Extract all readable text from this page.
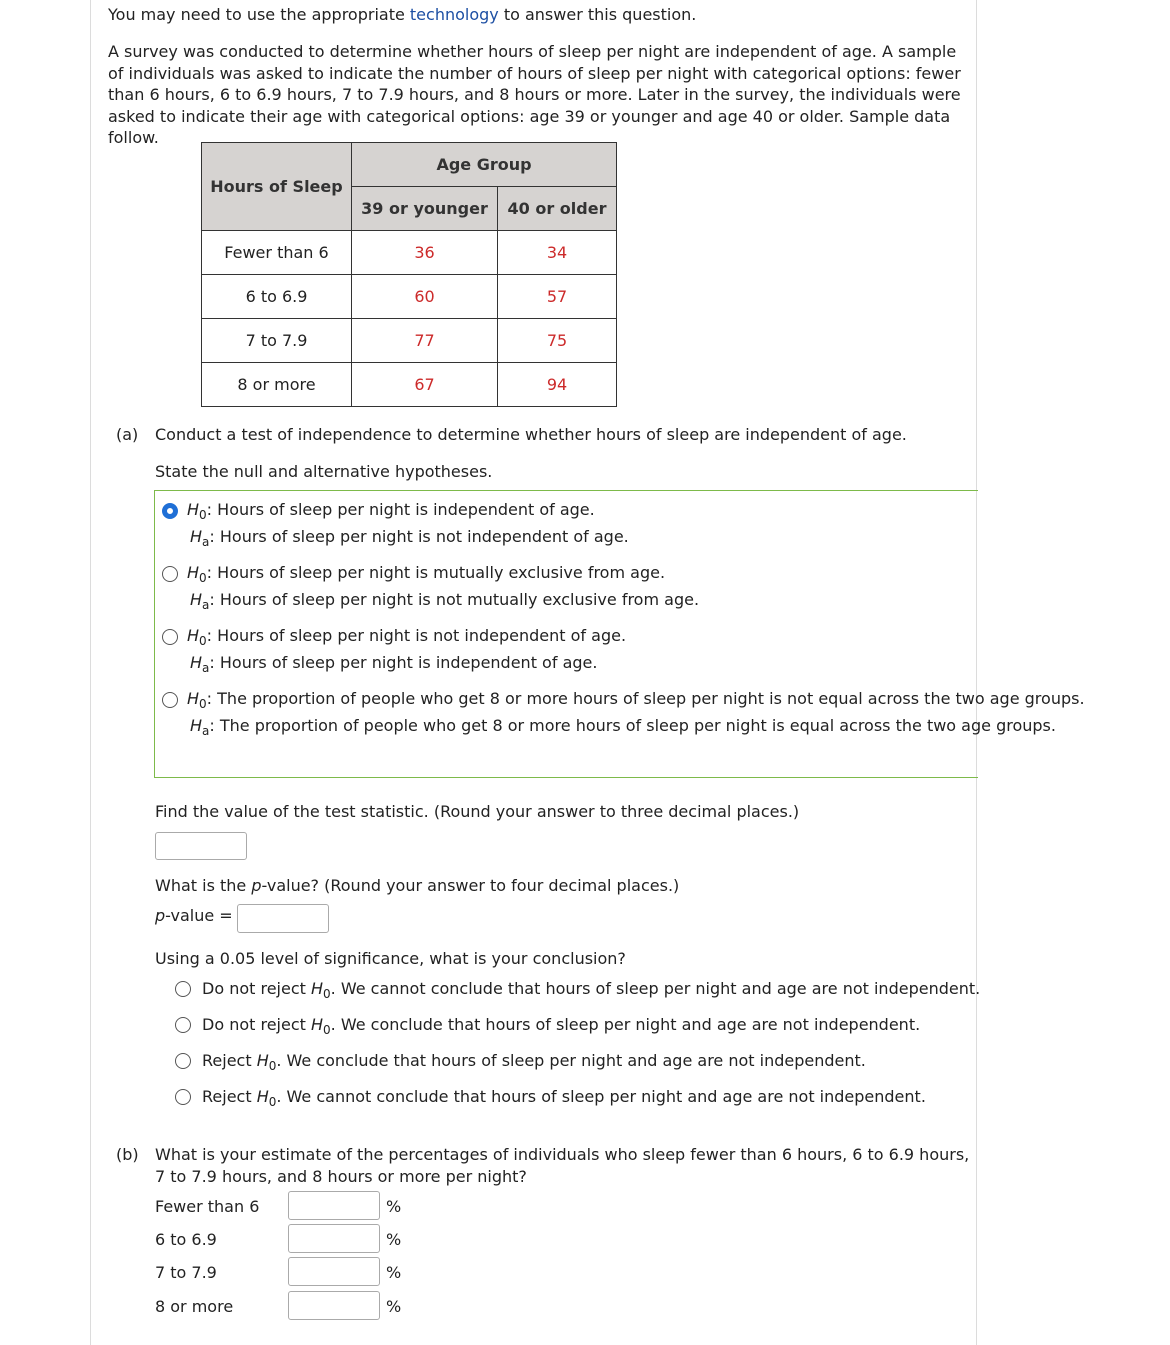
You may need to use the appropriate technology to answer this question.
A survey was conducted to determine whether hours of sleep per night are independent of age. A sample of individuals was asked to indicate the number of hours of sleep per night with categorical options: fewer than 6 hours, 6 to 6.9 hours, 7 to 7.9 hours, and 8 hours or more. Later in the survey, the individuals were asked to indicate their age with categorical options: age 39 or younger and age 40 or older. Sample data follow.
Hours of Sleep	Age Group	
	39 or younger	40 or older
Fewer than 6	36	34
6 to 6.9	60	57
7 to 7.9	77	75
8 or more	67	94
(a) Conduct a test of independence to determine whether hours of sleep are independent of age.
State the null and alternative hypotheses.
$H_0$: Hours of sleep per night is independent of age.
$H_a$: Hours of sleep per night is not independent of age.
$H_0$: Hours of sleep per night is mutually exclusive from age.
$H_a$: Hours of sleep per night is not mutually exclusive from age.
$H_0$: Hours of sleep per night is not independent of age.
$H_a$: Hours of sleep per night is independent of age.
$H_0$: The proportion of people who get 8 or more hours of sleep per night is not equal across the two age groups.
$H_a$: The proportion of people who get 8 or more hours of sleep per night is equal across the two age groups.
Find the value of the test statistic. (Round your answer to three decimal places.)
What is the p-value? (Round your answer to four decimal places.)
p-value =
Using a 0.05 level of significance, what is your conclusion?
Do not reject $H_0$. We cannot conclude that hours of sleep per night and age are not independent.
Do not reject $H_0$. We conclude that hours of sleep per night and age are not independent.
Reject $H_0$. We conclude that hours of sleep per night and age are not independent.
Reject $H_0$. We cannot conclude that hours of sleep per night and age are not independent.
(b) What is your estimate of the percentages of individuals who sleep fewer than 6 hours, 6 to 6.9 hours,
7 to 7.9 hours, and 8 hours or more per night?
Fewer than 6	%
6 to 6.9	%
7 to 7.9	%
8 or more	%
